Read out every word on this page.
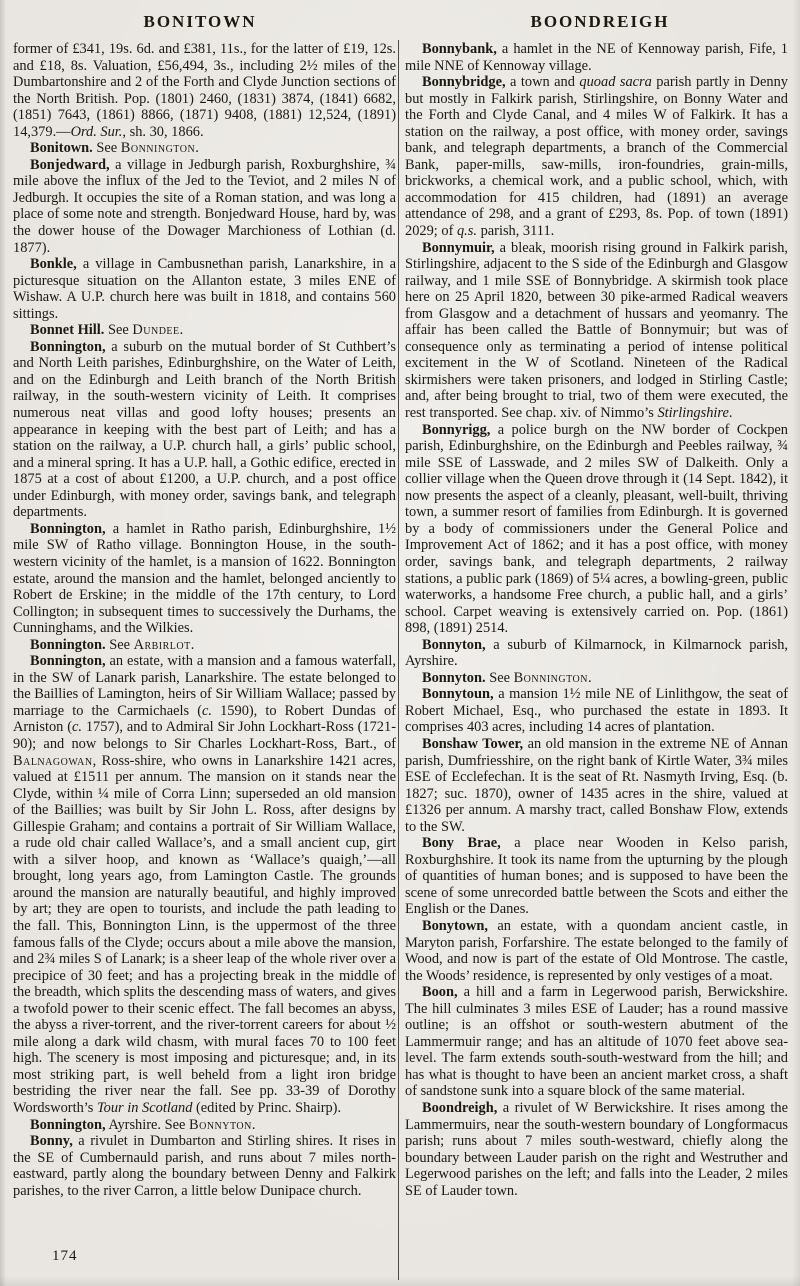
BONITOWN	BOONDREIGH

former of £341, 19s. 6d. and £381, 11s., for the latter of £19, 12s. and £18, 8s. Valuation, £56,494, 3s., including 2½ miles of the Dumbartonshire and 2 of the Forth and Clyde Junction sections of the North British. Pop. (1801) 2460, (1831) 3874, (1841) 6682, (1851) 7643, (1861) 8866, (1871) 9408, (1881) 12,524, (1891) 14,379.—Ord. Sur., sh. 30, 1866.

Bonitown. See Bonnington.

Bonjedward, a village in Jedburgh parish, Roxburghshire, ¾ mile above the influx of the Jed to the Teviot, and 2 miles N of Jedburgh. It occupies the site of a Roman station, and was long a place of some note and strength. Bonjedward House, hard by, was the dower house of the Dowager Marchioness of Lothian (d. 1877).

Bonkle, a village in Cambusnethan parish, Lanarkshire, in a picturesque situation on the Allanton estate, 3 miles ENE of Wishaw. A U.P. church here was built in 1818, and contains 560 sittings.

Bonnet Hill. See Dundee.

Bonnington, a suburb on the mutual border of St Cuthbert’s and North Leith parishes, Edinburghshire, on the Water of Leith, and on the Edinburgh and Leith branch of the North British railway, in the south-western vicinity of Leith. It comprises numerous neat villas and good lofty houses; presents an appearance in keeping with the best part of Leith; and has a station on the railway, a U.P. church hall, a girls’ public school, and a mineral spring. It has a U.P. hall, a Gothic edifice, erected in 1875 at a cost of about £1200, a U.P. church, and a post office under Edinburgh, with money order, savings bank, and telegraph departments.

Bonnington, a hamlet in Ratho parish, Edinburghshire, 1½ mile SW of Ratho village. Bonnington House, in the south-western vicinity of the hamlet, is a mansion of 1622. Bonnington estate, around the mansion and the hamlet, belonged anciently to Robert de Erskine; in the middle of the 17th century, to Lord Collington; in subsequent times to successively the Durhams, the Cunninghams, and the Wilkies.

Bonnington. See Arbirlot.

Bonnington, an estate, with a mansion and a famous waterfall, in the SW of Lanark parish, Lanarkshire. The estate belonged to the Baillies of Lamington, heirs of Sir William Wallace; passed by marriage to the Carmichaels (c. 1590), to Robert Dundas of Arniston (c. 1757), and to Admiral Sir John Lockhart-Ross (1721-90); and now belongs to Sir Charles Lockhart-Ross, Bart., of Balnagowan, Ross-shire, who owns in Lanarkshire 1421 acres, valued at £1511 per annum. The mansion on it stands near the Clyde, within ¼ mile of Corra Linn; superseded an old mansion of the Baillies; was built by Sir John L. Ross, after designs by Gillespie Graham; and contains a portrait of Sir William Wallace, a rude old chair called Wallace’s, and a small ancient cup, girt with a silver hoop, and known as ‘Wallace’s quaigh,’—all brought, long years ago, from Lamington Castle. The grounds around the mansion are naturally beautiful, and highly improved by art; they are open to tourists, and include the path leading to the fall. This, Bonnington Linn, is the uppermost of the three famous falls of the Clyde; occurs about a mile above the mansion, and 2¾ miles S of Lanark; is a sheer leap of the whole river over a precipice of 30 feet; and has a projecting break in the middle of the breadth, which splits the descending mass of waters, and gives a twofold power to their scenic effect. The fall becomes an abyss, the abyss a river-torrent, and the river-torrent careers for about ½ mile along a dark wild chasm, with mural faces 70 to 100 feet high. The scenery is most imposing and picturesque; and, in its most striking part, is well beheld from a light iron bridge bestriding the river near the fall. See pp. 33-39 of Dorothy Wordsworth’s Tour in Scotland (edited by Princ. Shairp).

Bonnington, Ayrshire. See Bonnyton.

Bonny, a rivulet in Dumbarton and Stirling shires. It rises in the SE of Cumbernauld parish, and runs about 7 miles north-eastward, partly along the boundary between Denny and Falkirk parishes, to the river Carron, a little below Dunipace church.

Bonnybank, a hamlet in the NE of Kennoway parish, Fife, 1 mile NNE of Kennoway village.

Bonnybridge, a town and quoad sacra parish partly in Denny but mostly in Falkirk parish, Stirlingshire, on Bonny Water and the Forth and Clyde Canal, and 4 miles W of Falkirk. It has a station on the railway, a post office, with money order, savings bank, and telegraph departments, a branch of the Commercial Bank, paper-mills, saw-mills, iron-foundries, grain-mills, brickworks, a chemical work, and a public school, which, with accommodation for 415 children, had (1891) an average attendance of 298, and a grant of £293, 8s. Pop. of town (1891) 2029; of q.s. parish, 3111.

Bonnymuir, a bleak, moorish rising ground in Falkirk parish, Stirlingshire, adjacent to the S side of the Edinburgh and Glasgow railway, and 1 mile SSE of Bonnybridge. A skirmish took place here on 25 April 1820, between 30 pike-armed Radical weavers from Glasgow and a detachment of hussars and yeomanry. The affair has been called the Battle of Bonnymuir; but was of consequence only as terminating a period of intense political excitement in the W of Scotland. Nineteen of the Radical skirmishers were taken prisoners, and lodged in Stirling Castle; and, after being brought to trial, two of them were executed, the rest transported. See chap. xiv. of Nimmo’s Stirlingshire.

Bonnyrigg, a police burgh on the NW border of Cockpen parish, Edinburghshire, on the Edinburgh and Peebles railway, ¾ mile SSE of Lasswade, and 2 miles SW of Dalkeith. Only a collier village when the Queen drove through it (14 Sept. 1842), it now presents the aspect of a cleanly, pleasant, well-built, thriving town, a summer resort of families from Edinburgh. It is governed by a body of commissioners under the General Police and Improvement Act of 1862; and it has a post office, with money order, savings bank, and telegraph departments, 2 railway stations, a public park (1869) of 5¼ acres, a bowling-green, public waterworks, a handsome Free church, a public hall, and a girls’ school. Carpet weaving is extensively carried on. Pop. (1861) 898, (1891) 2514.

Bonnyton, a suburb of Kilmarnock, in Kilmarnock parish, Ayrshire.

Bonnyton. See Bonnington.

Bonnytoun, a mansion 1½ mile NE of Linlithgow, the seat of Robert Michael, Esq., who purchased the estate in 1893. It comprises 403 acres, including 14 acres of plantation.

Bonshaw Tower, an old mansion in the extreme NE of Annan parish, Dumfriesshire, on the right bank of Kirtle Water, 3¾ miles ESE of Ecclefechan. It is the seat of Rt. Nasmyth Irving, Esq. (b. 1827; suc. 1870), owner of 1435 acres in the shire, valued at £1326 per annum. A marshy tract, called Bonshaw Flow, extends to the SW.

Bony Brae, a place near Wooden in Kelso parish, Roxburghshire. It took its name from the upturning by the plough of quantities of human bones; and is supposed to have been the scene of some unrecorded battle between the Scots and either the English or the Danes.

Bonytown, an estate, with a quondam ancient castle, in Maryton parish, Forfarshire. The estate belonged to the family of Wood, and now is part of the estate of Old Montrose. The castle, the Woods’ residence, is represented by only vestiges of a moat.

Boon, a hill and a farm in Legerwood parish, Berwickshire. The hill culminates 3 miles ESE of Lauder; has a round massive outline; is an offshot or south-western abutment of the Lammermuir range; and has an altitude of 1070 feet above sea-level. The farm extends south-south-westward from the hill; and has what is thought to have been an ancient market cross, a shaft of sandstone sunk into a square block of the same material.

Boondreigh, a rivulet of W Berwickshire. It rises among the Lammermuirs, near the south-western boundary of Longformacus parish; runs about 7 miles south-westward, chiefly along the boundary between Lauder parish on the right and Westruther and Legerwood parishes on the left; and falls into the Leader, 2 miles SE of Lauder town.

174
